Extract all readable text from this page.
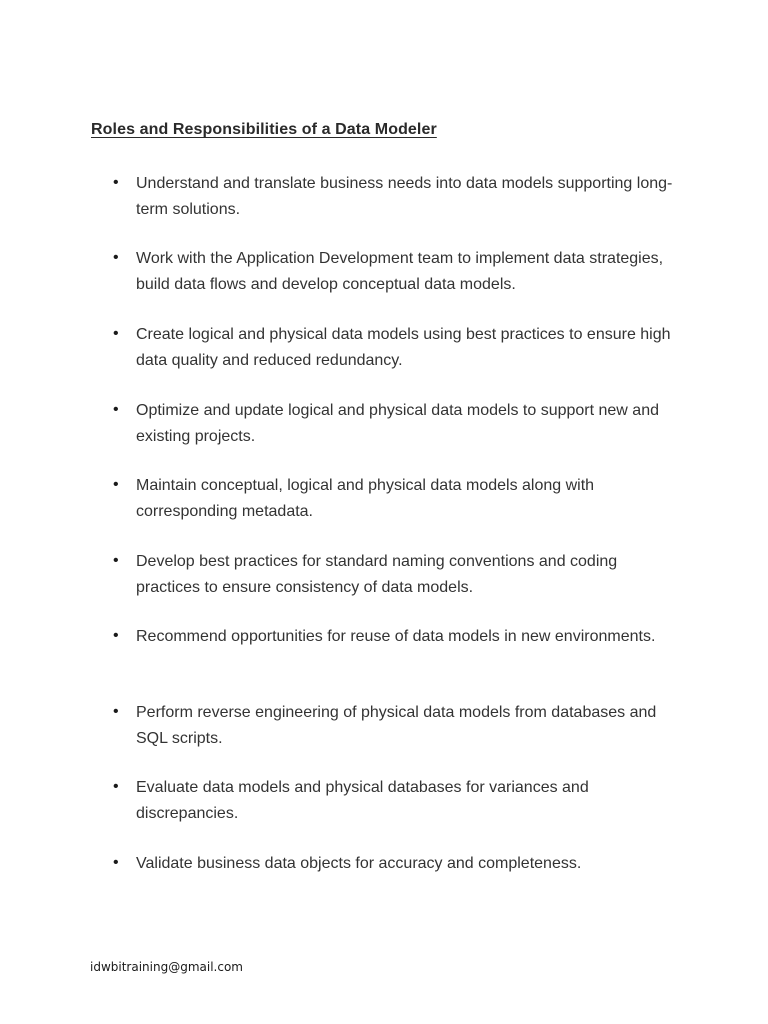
Roles and Responsibilities of a Data Modeler
• Understand and translate business needs into data models supporting long-term solutions.
• Work with the Application Development team to implement data strategies, build data flows and develop conceptual data models.
• Create logical and physical data models using best practices to ensure high data quality and reduced redundancy.
• Optimize and update logical and physical data models to support new and existing projects.
• Maintain conceptual, logical and physical data models along with corresponding metadata.
• Develop best practices for standard naming conventions and coding practices to ensure consistency of data models.
• Recommend opportunities for reuse of data models in new environments.
• Perform reverse engineering of physical data models from databases and SQL scripts.
• Evaluate data models and physical databases for variances and discrepancies.
• Validate business data objects for accuracy and completeness.
idwbitraining@gmail.com
